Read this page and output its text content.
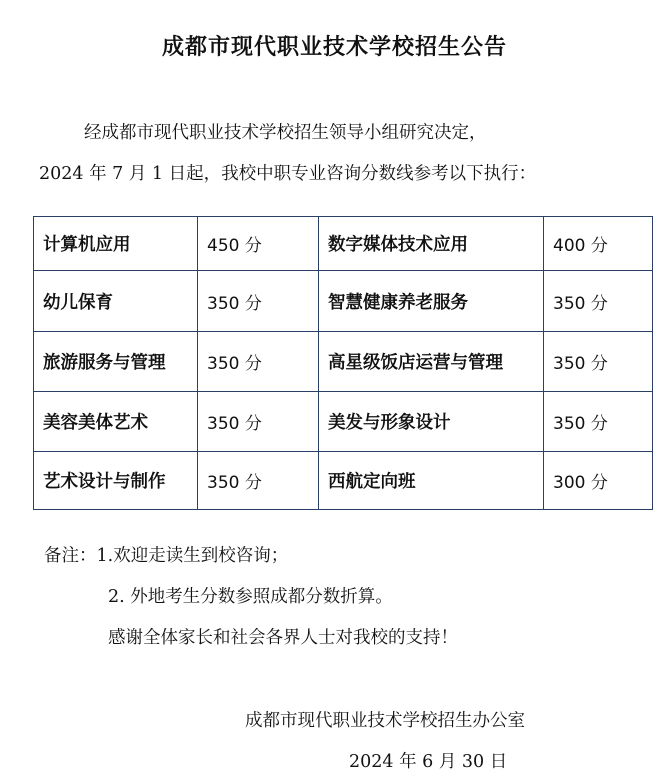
成都市现代职业技术学校招生公告
经成都市现代职业技术学校招生领导小组研究决定，
2024 年 7 月 1 日起，我校中职专业咨询分数线参考以下执行：
计算机应用	450 分	数字媒体技术应用	400 分
幼儿保育	350 分	智慧健康养老服务	350 分
旅游服务与管理	350 分	高星级饭店运营与管理	350 分
美容美体艺术	350 分	美发与形象设计	350 分
艺术设计与制作	350 分	西航定向班	300 分
备注：1.欢迎走读生到校咨询；
2. 外地考生分数参照成都分数折算。
感谢全体家长和社会各界人士对我校的支持！
成都市现代职业技术学校招生办公室
2024 年 6 月 30 日
